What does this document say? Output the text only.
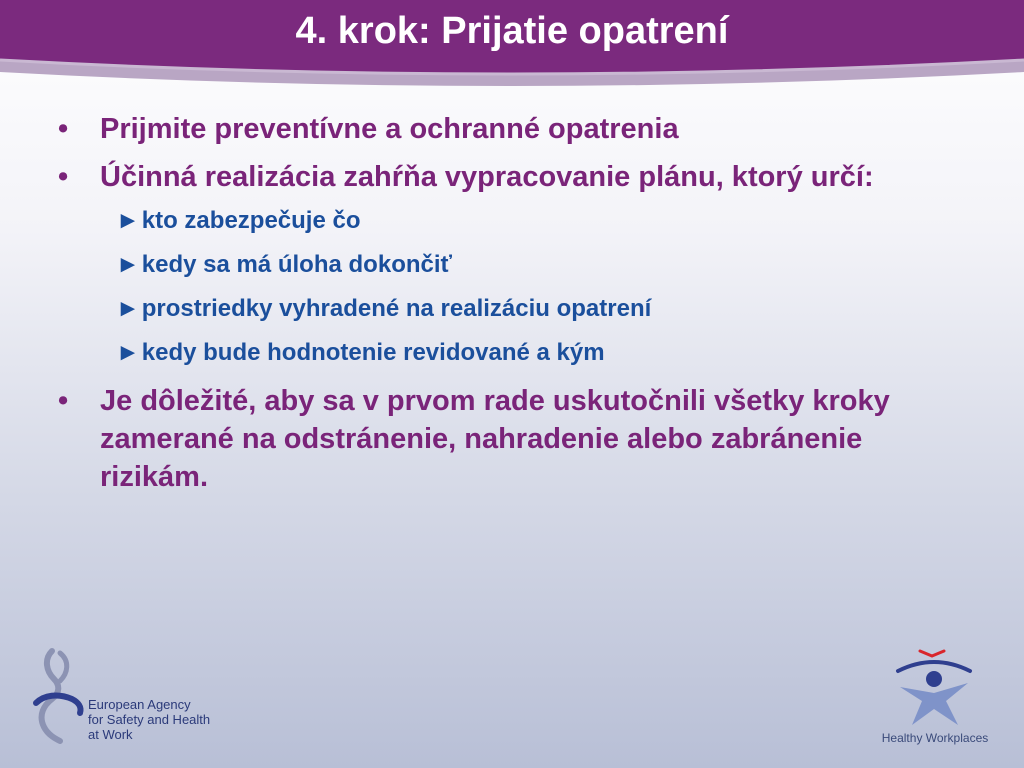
4. krok: Prijatie opatrení
• Prijmite preventívne a ochranné opatrenia
• Účinná realizácia zahŕňa vypracovanie plánu, ktorý určí:
►kto zabezpečuje čo
►kedy sa má úloha dokončiť
►prostriedky vyhradené na realizáciu opatrení
►kedy bude hodnotenie revidované a kým
• Je dôležité, aby sa v prvom rade uskutočnili všetky kroky zamerané na odstránenie, nahradenie alebo zabránenie rizikám.
European Agency
for Safety and Health
at Work	Healthy Workplaces
